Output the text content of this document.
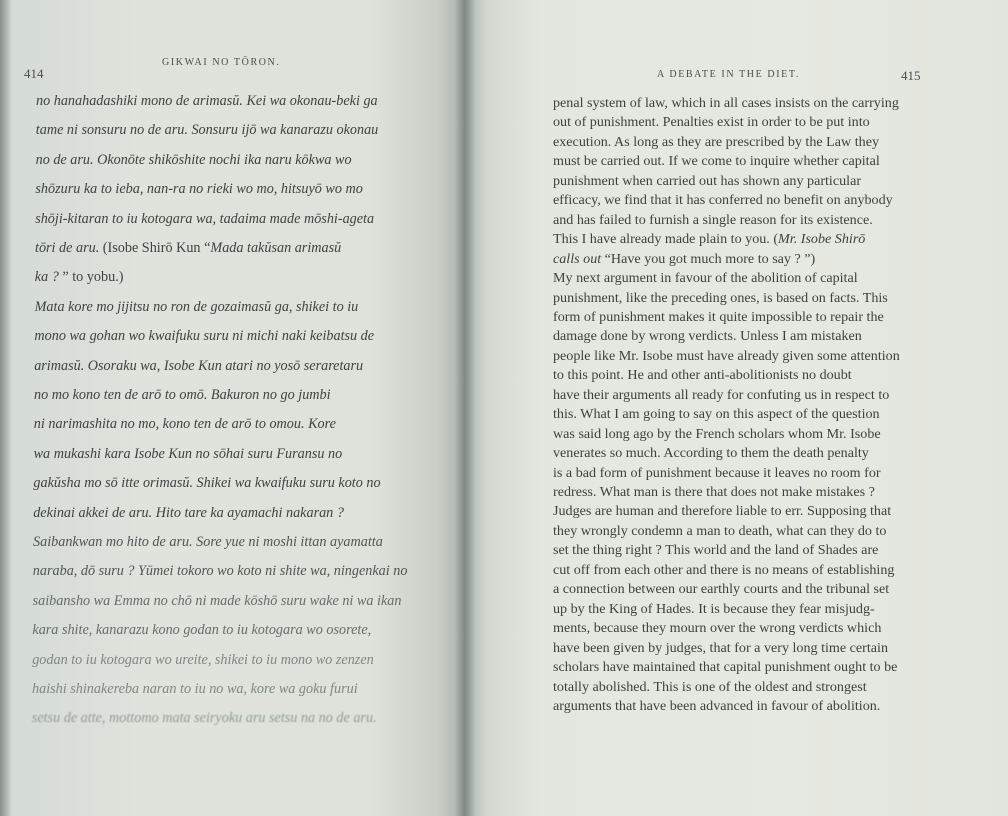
414
GIKWAI NO TŌRON.
no hanahadashiki mono de arimasŭ. Kei wa okonau-beki ga
tame ni sonsuru no de aru. Sonsuru ijō wa kanarazu okonau
no de aru. Okonōte shikōshite nochi ika naru kōkwa wo
shōzuru ka to ieba, nan-ra no rieki wo mo, hitsuyō wo mo
shōji-kitaran to iu kotogara wa, tadaima made mōshi-ageta
tōri de aru. (Isobe Shirō Kun “Mada takŭsan arimasŭ
ka ? ” to yobu.)
Mata kore mo jijitsu no ron de gozaimasŭ ga, shikei to iu
mono wa gohan wo kwaifuku suru ni michi naki keibatsu de
arimasŭ. Osoraku wa, Isobe Kun atari no yosō seraretaru
no mo kono ten de arō to omō. Bakuron no go jumbi
ni narimashita no mo, kono ten de arō to omou. Kore
wa mukashi kara Isobe Kun no sōhai suru Furansu no
gakŭsha mo sō itte orimasŭ. Shikei wa kwaifuku suru koto no
dekinai akkei de aru. Hito tare ka ayamachi nakaran ?
Saibankwan mo hito de aru. Sore yue ni moshi ittan ayamatta
naraba, dō suru ? Yūmei tokoro wo koto ni shite wa, ningenkai no
saibansho wa Emma no chō ni made kōshō suru wake ni wa ikan
kara shite, kanarazu kono godan to iu kotogara wo osorete,
godan to iu kotogara wo ureite, shikei to iu mono wo zenzen
haishi shinakereba naran to iu no wa, kore wa goku furui
setsu de atte, mottomo mata seiryoku aru setsu na no de aru.
A DEBATE IN THE DIET.	415
penal system of law, which in all cases insists on the carrying
out of punishment. Penalties exist in order to be put into
execution. As long as they are prescribed by the Law they
must be carried out. If we come to inquire whether capital
punishment when carried out has shown any particular
efficacy, we find that it has conferred no benefit on anybody
and has failed to furnish a single reason for its existence.
This I have already made plain to you. (Mr. Isobe Shirō
calls out “Have you got much more to say ? ”)
My next argument in favour of the abolition of capital
punishment, like the preceding ones, is based on facts. This
form of punishment makes it quite impossible to repair the
damage done by wrong verdicts. Unless I am mistaken
people like Mr. Isobe must have already given some attention
to this point. He and other anti-abolitionists no doubt
have their arguments all ready for confuting us in respect to
this. What I am going to say on this aspect of the question
was said long ago by the French scholars whom Mr. Isobe
venerates so much. According to them the death penalty
is a bad form of punishment because it leaves no room for
redress. What man is there that does not make mistakes ?
Judges are human and therefore liable to err. Supposing that
they wrongly condemn a man to death, what can they do to
set the thing right ? This world and the land of Shades are
cut off from each other and there is no means of establishing
a connection between our earthly courts and the tribunal set
up by the King of Hades. It is because they fear misjudg-
ments, because they mourn over the wrong verdicts which
have been given by judges, that for a very long time certain
scholars have maintained that capital punishment ought to be
totally abolished. This is one of the oldest and strongest
arguments that have been advanced in favour of abolition.
